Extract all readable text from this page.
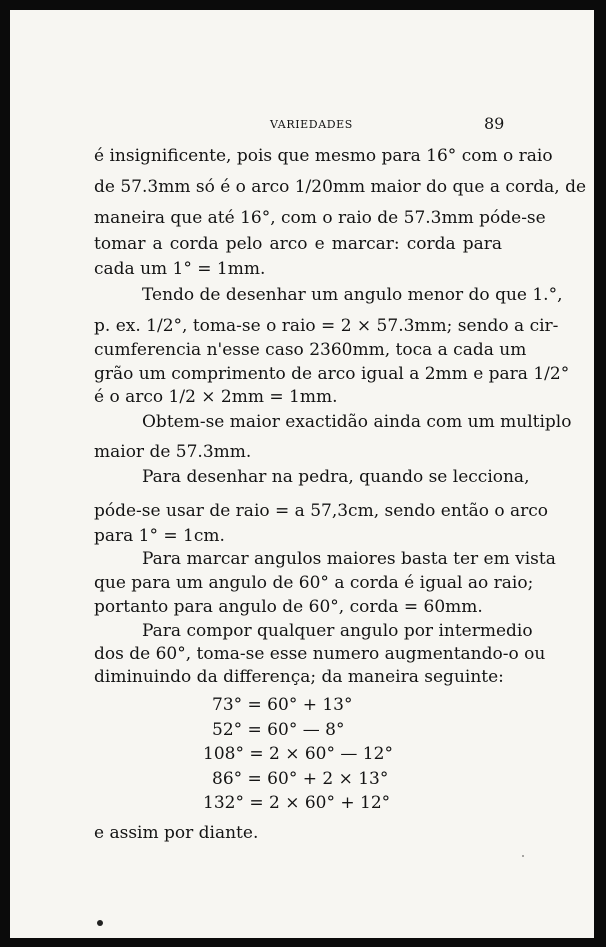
VARIEDADES	89
é insignificente, pois que mesmo para 16° com o raio
de 57.3mm só é o arco 1/20mm maior do que a corda, de
maneira que até 16°, com o raio de 57.3mm póde-se
tomar a corda pelo arco e marcar: corda para
cada um 1° = 1mm.
Tendo de desenhar um angulo menor do que 1.°,
p. ex. 1/2°, toma-se o raio = 2 × 57.3mm; sendo a cir-
cumferencia n'esse caso 2360mm, toca a cada um
grão um comprimento de arco igual a 2mm e para 1/2°
é o arco 1/2 × 2mm = 1mm.
Obtem-se maior exactidão ainda com um multiplo
maior de 57.3mm.
Para desenhar na pedra, quando se lecciona,
póde-se usar de raio = a 57,3cm, sendo então o arco
para 1° = 1cm.
Para marcar angulos maiores basta ter em vista
que para um angulo de 60° a corda é igual ao raio;
portanto para angulo de 60°, corda = 60mm.
Para compor qualquer angulo por intermedio
dos de 60°, toma-se esse numero augmentando-o ou
diminuindo da differença; da maneira seguinte:
73° = 60° + 13°
52° = 60° — 8°
108° = 2 × 60° — 12°
86° = 60° + 2 × 13°
132° = 2 × 60° + 12°
e assim por diante.
